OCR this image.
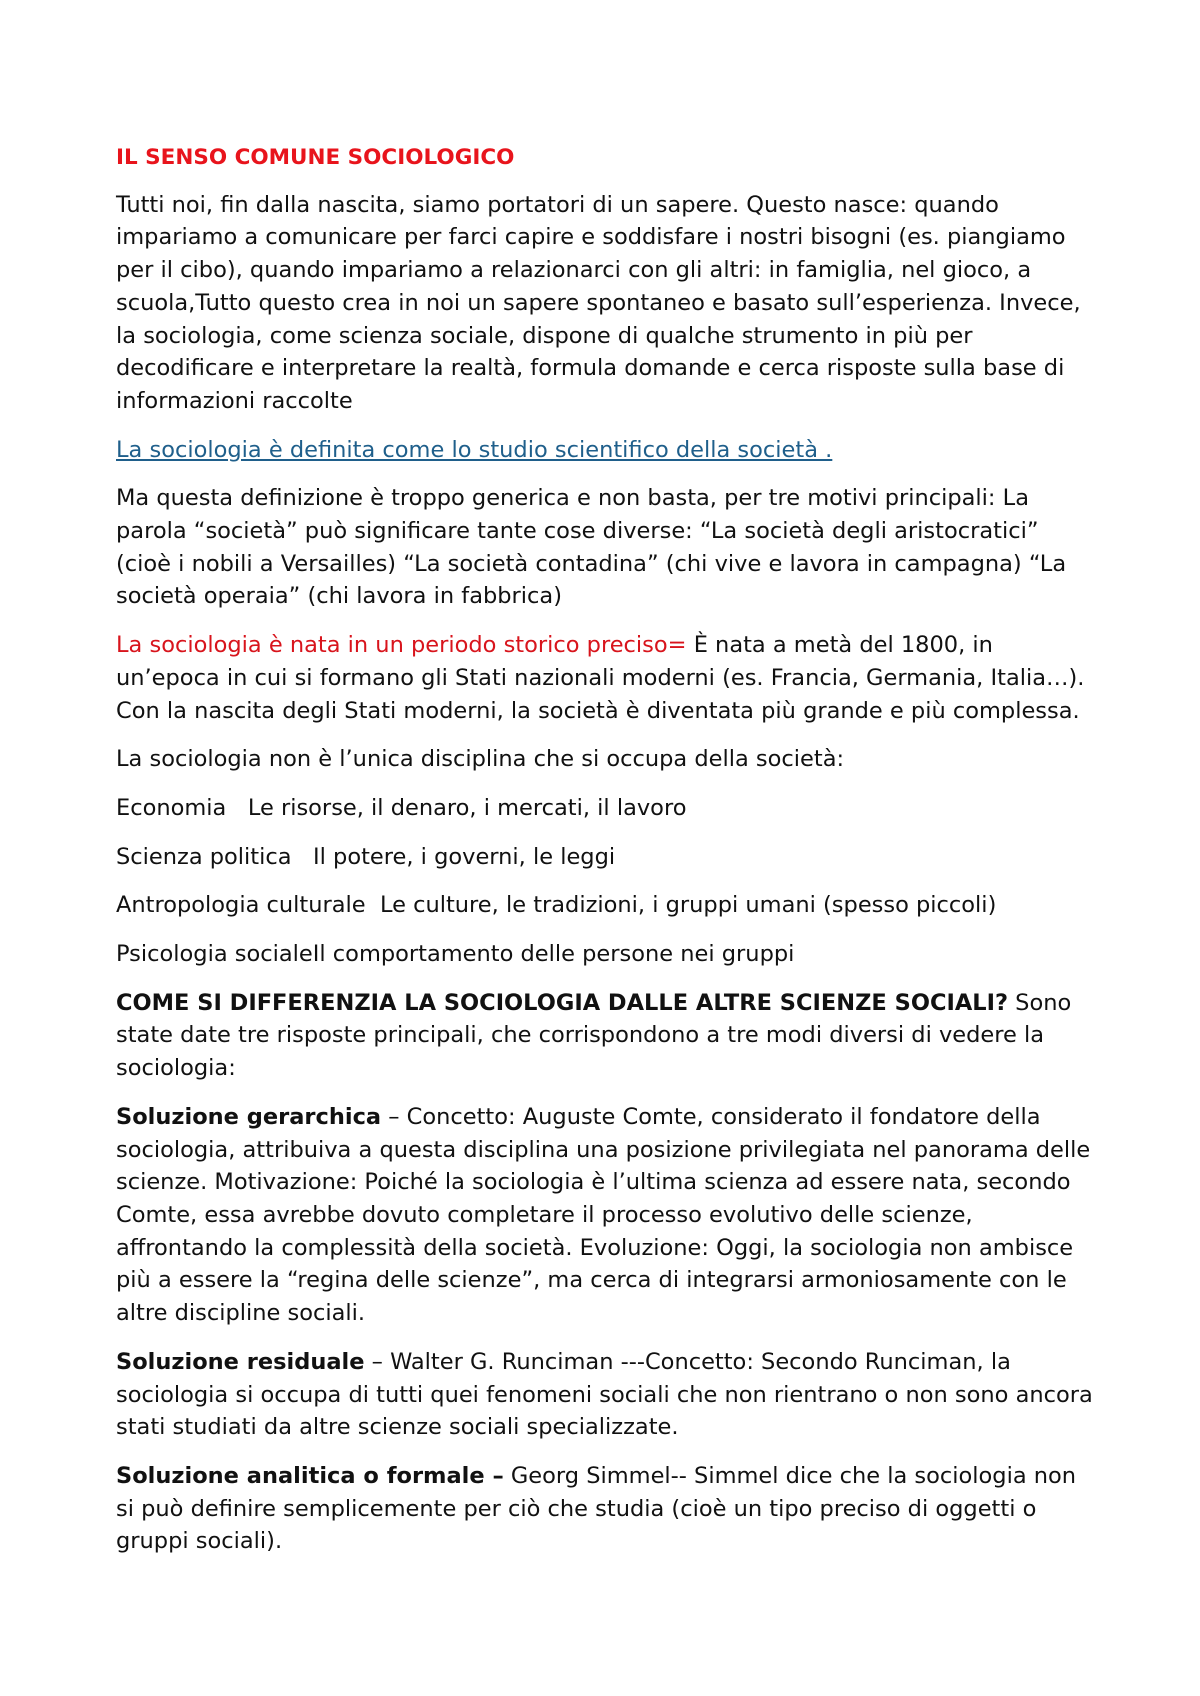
IL SENSO COMUNE SOCIOLOGICO

Tutti noi, fin dalla nascita, siamo portatori di un sapere. Questo nasce: quando impariamo a comunicare per farci capire e soddisfare i nostri bisogni (es. piangiamo per il cibo), quando impariamo a relazionarci con gli altri: in famiglia, nel gioco, a scuola,Tutto questo crea in noi un sapere spontaneo e basato sull’esperienza. Invece, la sociologia, come scienza sociale, dispone di qualche strumento in più per decodificare e interpretare la realtà, formula domande e cerca risposte sulla base di informazioni raccolte

La sociologia è definita come lo studio scientifico della società .

Ma questa definizione è troppo generica e non basta, per tre motivi principali: La parola “società” può significare tante cose diverse: “La società degli aristocratici” (cioè i nobili a Versailles) “La società contadina” (chi vive e lavora in campagna) “La società operaia” (chi lavora in fabbrica)

La sociologia è nata in un periodo storico preciso= È nata a metà del 1800, in un’epoca in cui si formano gli Stati nazionali moderni (es. Francia, Germania, Italia…). Con la nascita degli Stati moderni, la società è diventata più grande e più complessa.

La sociologia non è l’unica disciplina che si occupa della società:

Economia Le risorse, il denaro, i mercati, il lavoro

Scienza politica Il potere, i governi, le leggi

Antropologia culturale Le culture, le tradizioni, i gruppi umani (spesso piccoli)

Psicologia socialeIl comportamento delle persone nei gruppi

COME SI DIFFERENZIA LA SOCIOLOGIA DALLE ALTRE SCIENZE SOCIALI? Sono state date tre risposte principali, che corrispondono a tre modi diversi di vedere la sociologia:

Soluzione gerarchica – Concetto: Auguste Comte, considerato il fondatore della sociologia, attribuiva a questa disciplina una posizione privilegiata nel panorama delle scienze. Motivazione: Poiché la sociologia è l’ultima scienza ad essere nata, secondo Comte, essa avrebbe dovuto completare il processo evolutivo delle scienze, affrontando la complessità della società. Evoluzione: Oggi, la sociologia non ambisce più a essere la “regina delle scienze”, ma cerca di integrarsi armoniosamente con le altre discipline sociali.

Soluzione residuale – Walter G. Runciman ---Concetto: Secondo Runciman, la sociologia si occupa di tutti quei fenomeni sociali che non rientrano o non sono ancora stati studiati da altre scienze sociali specializzate.

Soluzione analitica o formale – Georg Simmel-- Simmel dice che la sociologia non si può definire semplicemente per ciò che studia (cioè un tipo preciso di oggetti o gruppi sociali).
